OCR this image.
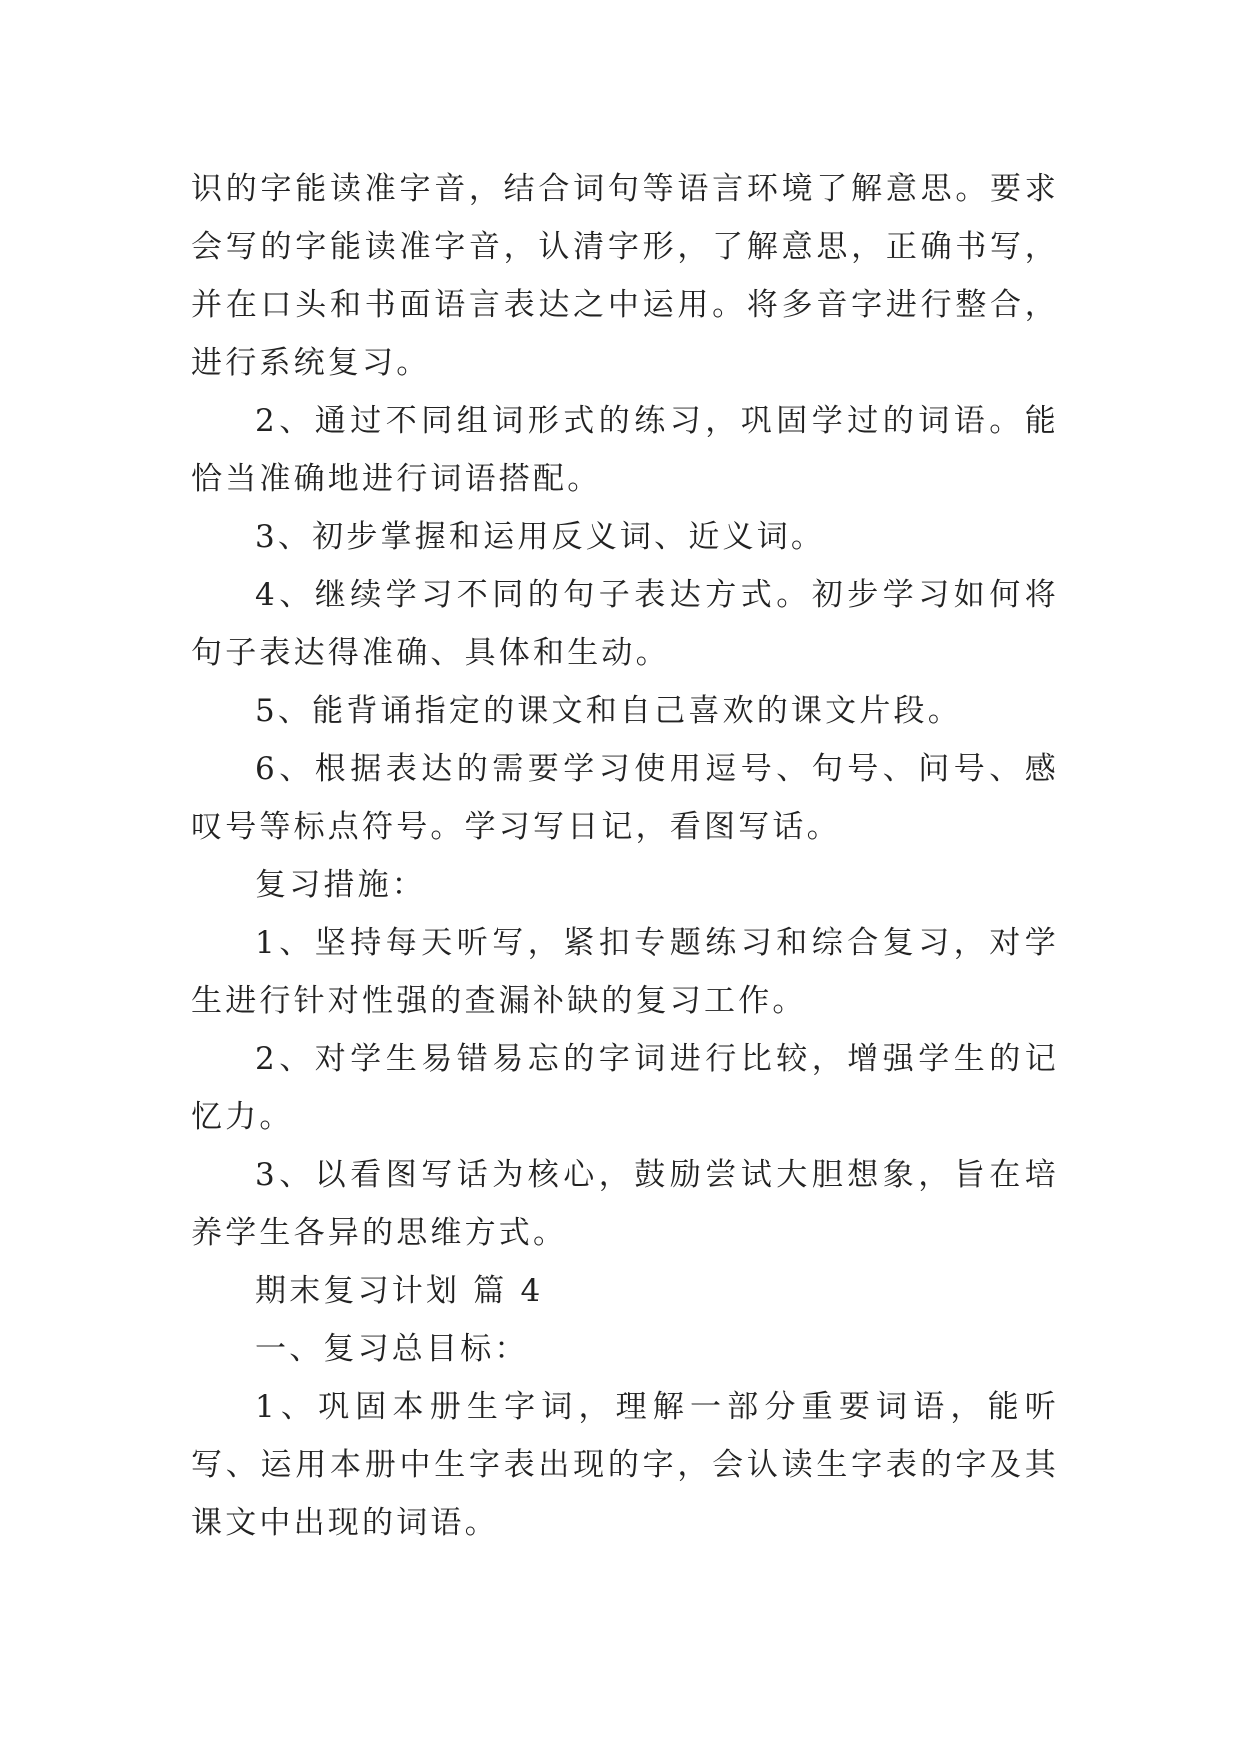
识的字能读准字音，结合词句等语言环境了解意思。要求会写的字能读准字音，认清字形，了解意思，正确书写，并在口头和书面语言表达之中运用。将多音字进行整合，进行系统复习。

2、通过不同组词形式的练习，巩固学过的词语。能恰当准确地进行词语搭配。

3、初步掌握和运用反义词、近义词。

4、继续学习不同的句子表达方式。初步学习如何将句子表达得准确、具体和生动。

5、能背诵指定的课文和自己喜欢的课文片段。

6、根据表达的需要学习使用逗号、句号、问号、感叹号等标点符号。学习写日记，看图写话。

复习措施：

1、坚持每天听写，紧扣专题练习和综合复习，对学生进行针对性强的查漏补缺的复习工作。

2、对学生易错易忘的字词进行比较，增强学生的记忆力。

3、以看图写话为核心，鼓励尝试大胆想象，旨在培养学生各异的思维方式。

期末复习计划 篇 4

一、复习总目标：

1、巩固本册生字词，理解一部分重要词语，能听写、运用本册中生字表出现的字，会认读生字表的字及其课文中出现的词语。
